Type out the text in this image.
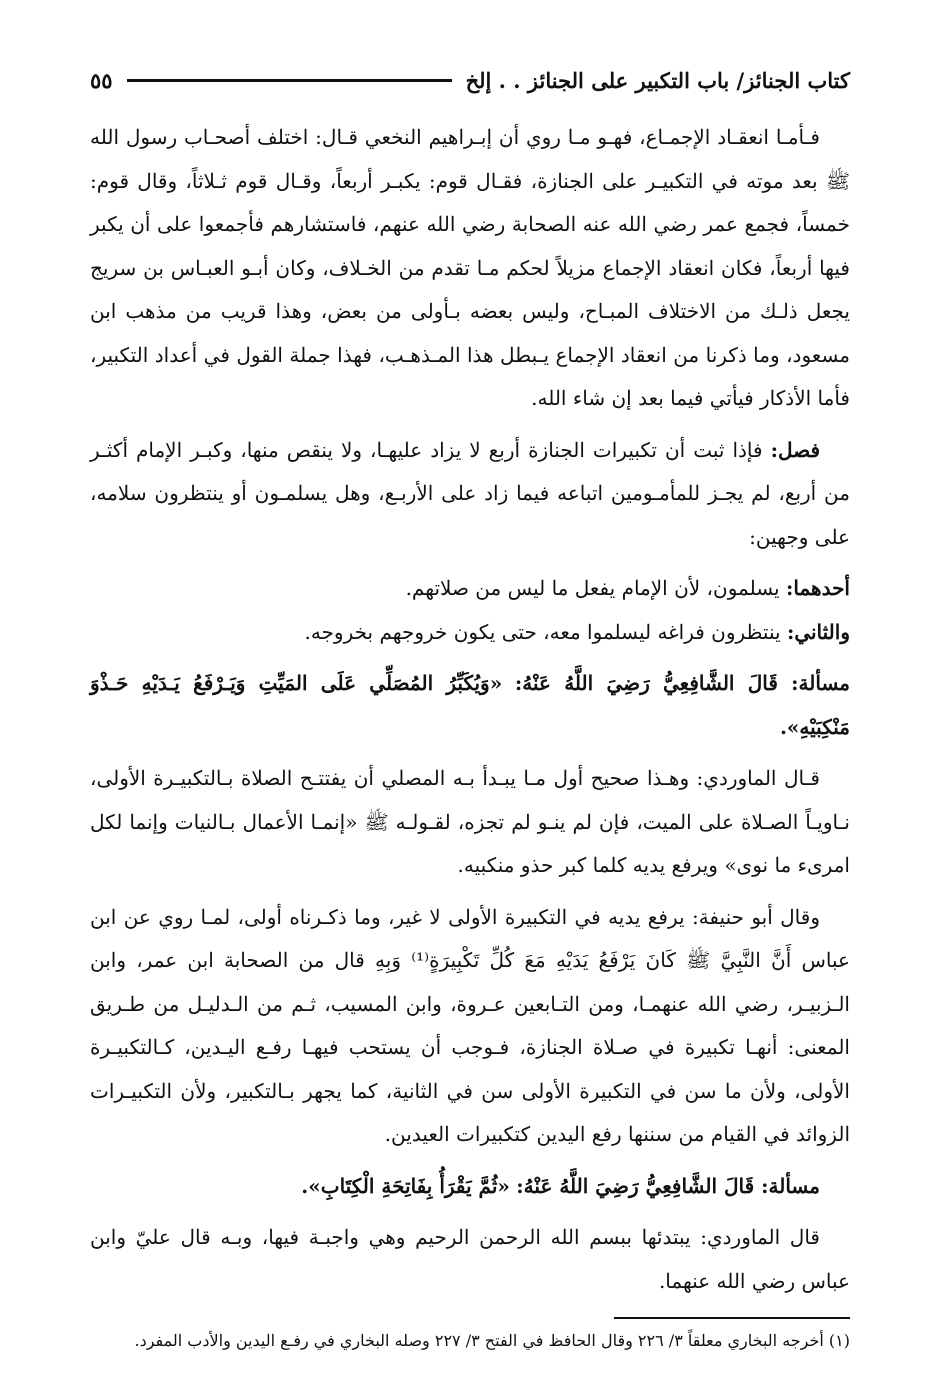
كتاب الجنائز/ باب التكبير على الجنائز . . إلخ
٥٥

فـأمـا انعقـاد الإجمـاع، فهـو مـا روي أن إبـراهيم النخعي قـال: اختلف أصحـاب رسول الله ﷺ بعد موته في التكبيـر على الجنازة، فقـال قوم: يكبـر أربعاً، وقـال قوم ثـلاثاً، وقال قوم: خمساً، فجمع عمر رضي الله عنه الصحابة رضي الله عنهم، فاستشارهم فأجمعوا على أن يكبر فيها أربعاً، فكان انعقاد الإجماع مزيلاً لحكم مـا تقدم من الخـلاف، وكان أبـو العبـاس بن سريج يجعل ذلـك من الاختلاف المبـاح، وليس بعضه بـأولى من بعض، وهذا قريب من مذهب ابن مسعود، وما ذكرنا من انعقاد الإجماع يـبطل هذا المـذهـب، فهذا جملة القول في أعداد التكبير، فأما الأذكار فيأتي فيما بعد إن شاء الله.

فصل: فإذا ثبت أن تكبيرات الجنازة أربع لا يزاد عليهـا، ولا ينقص منها، وكبـر الإمام أكثـر من أربع، لم يجـز للمأمـومين اتباعه فيما زاد على الأربـع، وهل يسلمـون أو ينتظرون سلامه، على وجهين:

أحدهما: يسلمون، لأن الإمام يفعل ما ليس من صلاتهم.

والثاني: ينتظرون فراغه ليسلموا معه، حتى يكون خروجهم بخروجه.

مسألة: قَالَ الشَّافِعِيُّ رَضِيَ اللَّهُ عَنْهُ: «وَيُكَبِّرُ المُصَلِّي عَلَى المَيِّتِ وَيَـرْفَعُ يَـدَيْهِ حَـذْوَ مَنْكِبَيْهِ».

قـال الماوردي: وهـذا صحيح أول مـا يبـدأ بـه المصلي أن يفتتـح الصلاة بـالتكبيـرة الأولى، نـاويـاً الصـلاة على الميت، فإن لم ينـو لم تجزه، لقـولـه ﷺ «إنمـا الأعمال بـالنيات وإنما لكل امرىء ما نوى» ويرفع يديه كلما كبر حذو منكبيه.

وقال أبو حنيفة: يرفع يديه في التكبيرة الأولى لا غير، وما ذكـرناه أولى، لمـا روي عن ابن عباس أَنَّ النَّبِيَّ ﷺ كَانَ يَرْفَعُ يَدَيْهِ مَعَ كُلِّ تَكْبِيرَةٍ⁽¹⁾ وَبِهِ قال من الصحابة ابن عمر، وابن الـزبيـر، رضي الله عنهمـا، ومن التـابعين عـروة، وابن المسيب، ثـم من الـدليـل من طـريق المعنى: أنهـا تكبيرة في صـلاة الجنازة، فـوجب أن يستحب فيهـا رفـع اليـدين، كـالتكبيـرة الأولى، ولأن ما سن في التكبيرة الأولى سن في الثانية، كما يجهر بـالتكبير، ولأن التكبيـرات الزوائد في القيام من سننها رفع اليدين كتكبيرات العيدين.

مسألة: قَالَ الشَّافِعِيُّ رَضِيَ اللَّهُ عَنْهُ: «ثُمَّ يَقْرَأُ بِفَاتِحَةِ الْكِتَابِ».

قال الماوردي: يبتدئها ببسم الله الرحمن الرحيم وهي واجبـة فيها، وبـه قال عليّ وابن عباس رضي الله عنهما.

(١) أخرجه البخاري معلقاً ٣/ ٢٢٦ وقال الحافظ في الفتح ٣/ ٢٢٧ وصله البخاري في رفـع اليدين والأدب المفرد.
